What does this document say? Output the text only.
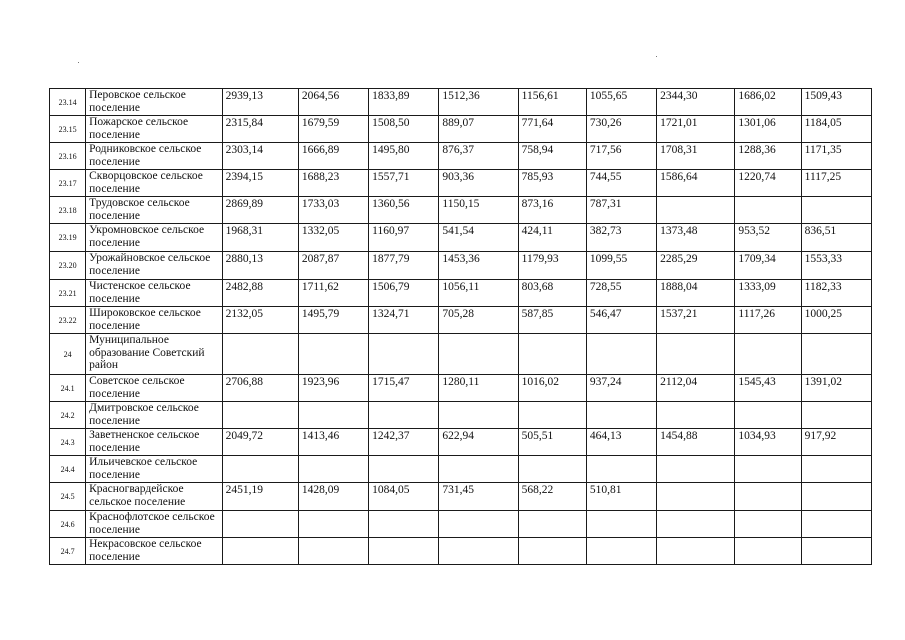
23.14	Перовское сельское поселение	2939,13	2064,56	1833,89	1512,36	1156,61	1055,65	2344,30	1686,02	1509,43
23.15	Пожарское сельское поселение	2315,84	1679,59	1508,50	889,07	771,64	730,26	1721,01	1301,06	1184,05
23.16	Родниковское сельское поселение	2303,14	1666,89	1495,80	876,37	758,94	717,56	1708,31	1288,36	1171,35
23.17	Скворцовское сельское поселение	2394,15	1688,23	1557,71	903,36	785,93	744,55	1586,64	1220,74	1117,25
23.18	Трудовское сельское поселение	2869,89	1733,03	1360,56	1150,15	873,16	787,31			
23.19	Укромновское сельское поселение	1968,31	1332,05	1160,97	541,54	424,11	382,73	1373,48	953,52	836,51
23.20	Урожайновское сельское поселение	2880,13	2087,87	1877,79	1453,36	1179,93	1099,55	2285,29	1709,34	1553,33
23.21	Чистенское сельское поселение	2482,88	1711,62	1506,79	1056,11	803,68	728,55	1888,04	1333,09	1182,33
23.22	Широковское сельское поселение	2132,05	1495,79	1324,71	705,28	587,85	546,47	1537,21	1117,26	1000,25
24	Муниципальное образование Советский район									
24.1	Советское сельское поселение	2706,88	1923,96	1715,47	1280,11	1016,02	937,24	2112,04	1545,43	1391,02
24.2	Дмитровское сельское поселение									
24.3	Заветненское сельское поселение	2049,72	1413,46	1242,37	622,94	505,51	464,13	1454,88	1034,93	917,92
24.4	Ильичевское сельское поселение									
24.5	Красногвардейское сельское поселение	2451,19	1428,09	1084,05	731,45	568,22	510,81			
24.6	Краснофлотское сельское поселение									
24.7	Некрасовское сельское поселение									
